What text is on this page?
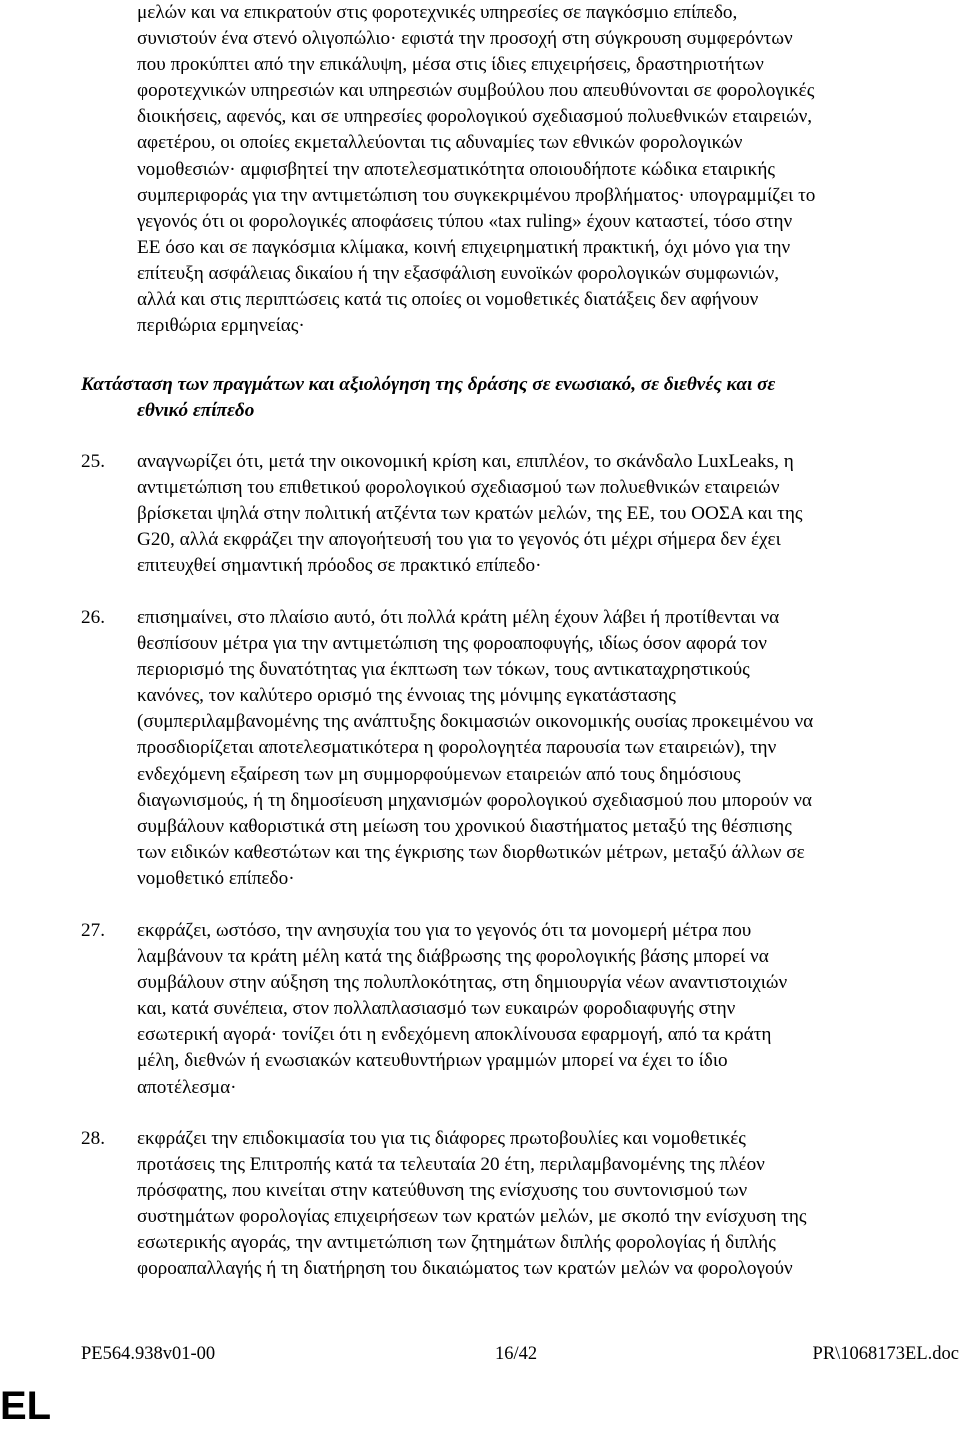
μελών και να επικρατούν στις φοροτεχνικές υπηρεσίες σε παγκόσμιο επίπεδο,
συνιστούν ένα στενό ολιγοπώλιο· εφιστά την προσοχή στη σύγκρουση συμφερόντων
που προκύπτει από την επικάλυψη, μέσα στις ίδιες επιχειρήσεις, δραστηριοτήτων
φοροτεχνικών υπηρεσιών και υπηρεσιών συμβούλου που απευθύνονται σε φορολογικές
διοικήσεις, αφενός, και σε υπηρεσίες φορολογικού σχεδιασμού πολυεθνικών εταιρειών,
αφετέρου, οι οποίες εκμεταλλεύονται τις αδυναμίες των εθνικών φορολογικών
νομοθεσιών· αμφισβητεί την αποτελεσματικότητα οποιουδήποτε κώδικα εταιρικής
συμπεριφοράς για την αντιμετώπιση του συγκεκριμένου προβλήματος· υπογραμμίζει το
γεγονός ότι οι φορολογικές αποφάσεις τύπου «tax ruling» έχουν καταστεί, τόσο στην
ΕΕ όσο και σε παγκόσμια κλίμακα, κοινή επιχειρηματική πρακτική, όχι μόνο για την
επίτευξη ασφάλειας δικαίου ή την εξασφάλιση ευνοϊκών φορολογικών συμφωνιών,
αλλά και στις περιπτώσεις κατά τις οποίες οι νομοθετικές διατάξεις δεν αφήνουν
περιθώρια ερμηνείας·
Κατάσταση των πραγμάτων και αξιολόγηση της δράσης σε ενωσιακό, σε διεθνές και σε
εθνικό επίπεδο
25.	αναγνωρίζει ότι, μετά την οικονομική κρίση και, επιπλέον, το σκάνδαλο LuxLeaks, η
αντιμετώπιση του επιθετικού φορολογικού σχεδιασμού των πολυεθνικών εταιρειών
βρίσκεται ψηλά στην πολιτική ατζέντα των κρατών μελών, της ΕΕ, του ΟΟΣΑ και της
G20, αλλά εκφράζει την απογοήτευσή του για το γεγονός ότι μέχρι σήμερα δεν έχει
επιτευχθεί σημαντική πρόοδος σε πρακτικό επίπεδο·
26.	επισημαίνει, στο πλαίσιο αυτό, ότι πολλά κράτη μέλη έχουν λάβει ή προτίθενται να
θεσπίσουν μέτρα για την αντιμετώπιση της φοροαποφυγής, ιδίως όσον αφορά τον
περιορισμό της δυνατότητας για έκπτωση των τόκων, τους αντικαταχρηστικούς
κανόνες, τον καλύτερο ορισμό της έννοιας της μόνιμης εγκατάστασης
(συμπεριλαμβανομένης της ανάπτυξης δοκιμασιών οικονομικής ουσίας προκειμένου να
προσδιορίζεται αποτελεσματικότερα η φορολογητέα παρουσία των εταιρειών), την
ενδεχόμενη εξαίρεση των μη συμμορφούμενων εταιρειών από τους δημόσιους
διαγωνισμούς, ή τη δημοσίευση μηχανισμών φορολογικού σχεδιασμού που μπορούν να
συμβάλουν καθοριστικά στη μείωση του χρονικού διαστήματος μεταξύ της θέσπισης
των ειδικών καθεστώτων και της έγκρισης των διορθωτικών μέτρων, μεταξύ άλλων σε
νομοθετικό επίπεδο·
27.	εκφράζει, ωστόσο, την ανησυχία του για το γεγονός ότι τα μονομερή μέτρα που
λαμβάνουν τα κράτη μέλη κατά της διάβρωσης της φορολογικής βάσης μπορεί να
συμβάλουν στην αύξηση της πολυπλοκότητας, στη δημιουργία νέων αναντιστοιχιών
και, κατά συνέπεια, στον πολλαπλασιασμό των ευκαιρών φοροδιαφυγής στην
εσωτερική αγορά· τονίζει ότι η ενδεχόμενη αποκλίνουσα εφαρμογή, από τα κράτη
μέλη, διεθνών ή ενωσιακών κατευθυντήριων γραμμών μπορεί να έχει το ίδιο
αποτέλεσμα·
28.	εκφράζει την επιδοκιμασία του για τις διάφορες πρωτοβουλίες και νομοθετικές
προτάσεις της Επιτροπής κατά τα τελευταία 20 έτη, περιλαμβανομένης της πλέον
πρόσφατης, που κινείται στην κατεύθυνση της ενίσχυσης του συντονισμού των
συστημάτων φορολογίας επιχειρήσεων των κρατών μελών, με σκοπό την ενίσχυση της
εσωτερικής αγοράς, την αντιμετώπιση των ζητημάτων διπλής φορολογίας ή διπλής
φοροαπαλλαγής ή τη διατήρηση του δικαιώματος των κρατών μελών να φορολογούν
PE564.938v01-00	16/42	PR\1068173EL.doc
EL
